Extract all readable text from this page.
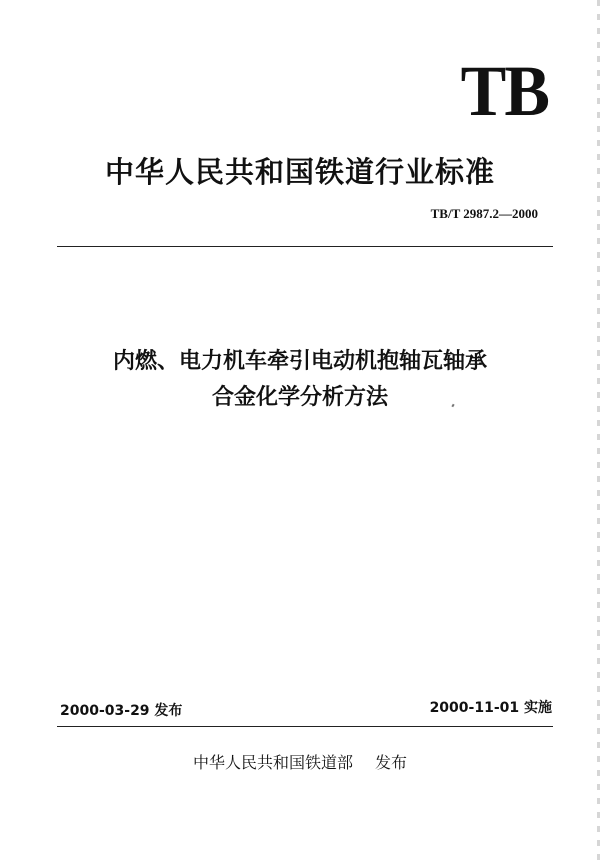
TB
中华人民共和国铁道行业标准
TB/T 2987.2—2000
内燃、电力机车牵引电动机抱轴瓦轴承
合金化学分析方法
2000-03-29 发布	2000-11-01 实施
中华人民共和国铁道部 发布
